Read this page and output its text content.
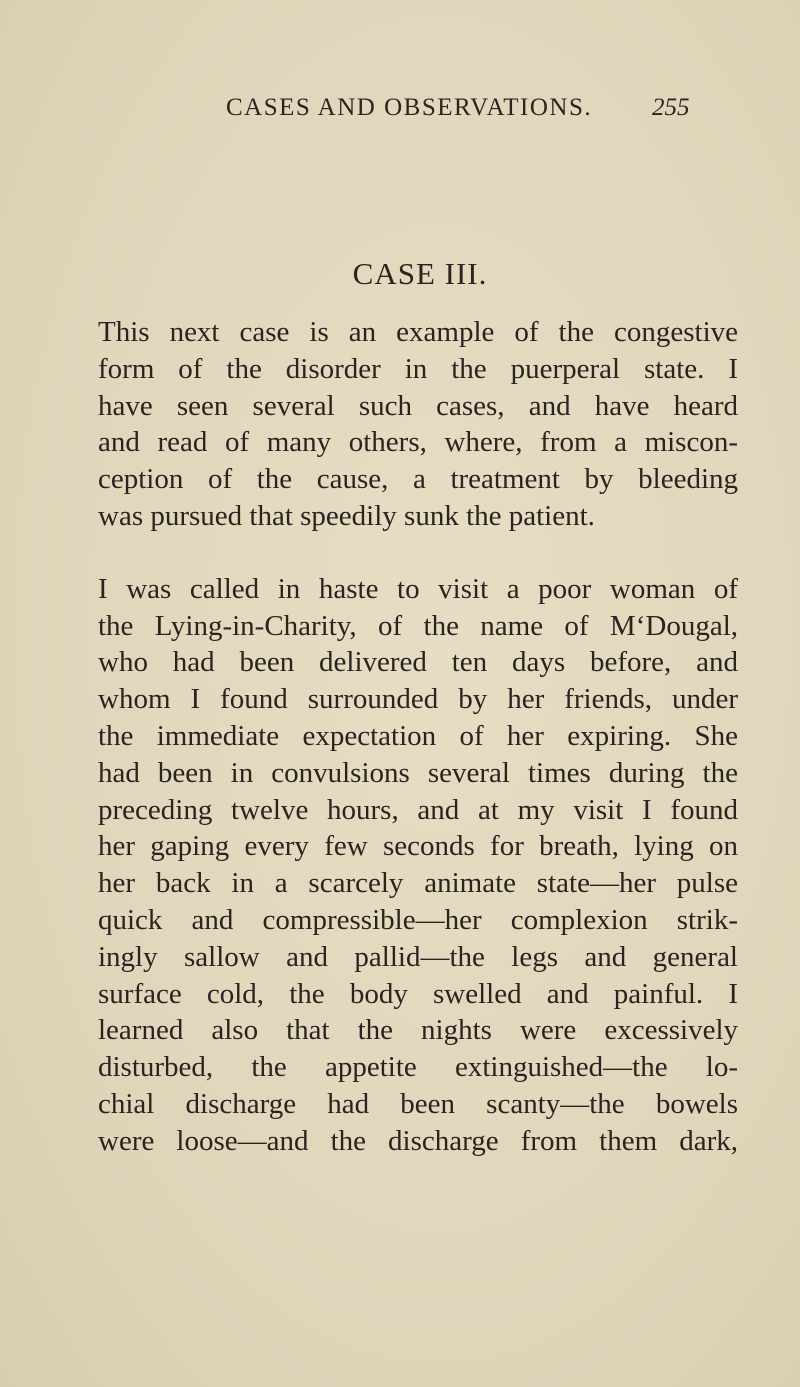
CASES AND OBSERVATIONS. 255
CASE III.

This next case is an example of the congestive
form of the disorder in the puerperal state. I
have seen several such cases, and have heard
and read of many others, where, from a miscon-
ception of the cause, a treatment by bleeding
was pursued that speedily sunk the patient.

I was called in haste to visit a poor woman of
the Lying-in-Charity, of the name of M‘Dougal,
who had been delivered ten days before, and
whom I found surrounded by her friends, under
the immediate expectation of her expiring. She
had been in convulsions several times during the
preceding twelve hours, and at my visit I found
her gaping every few seconds for breath, lying on
her back in a scarcely animate state—her pulse
quick and compressible—her complexion strik-
ingly sallow and pallid—the legs and general
surface cold, the body swelled and painful. I
learned also that the nights were excessively
disturbed, the appetite extinguished—the lo-
chial discharge had been scanty—the bowels
were loose—and the discharge from them dark,
